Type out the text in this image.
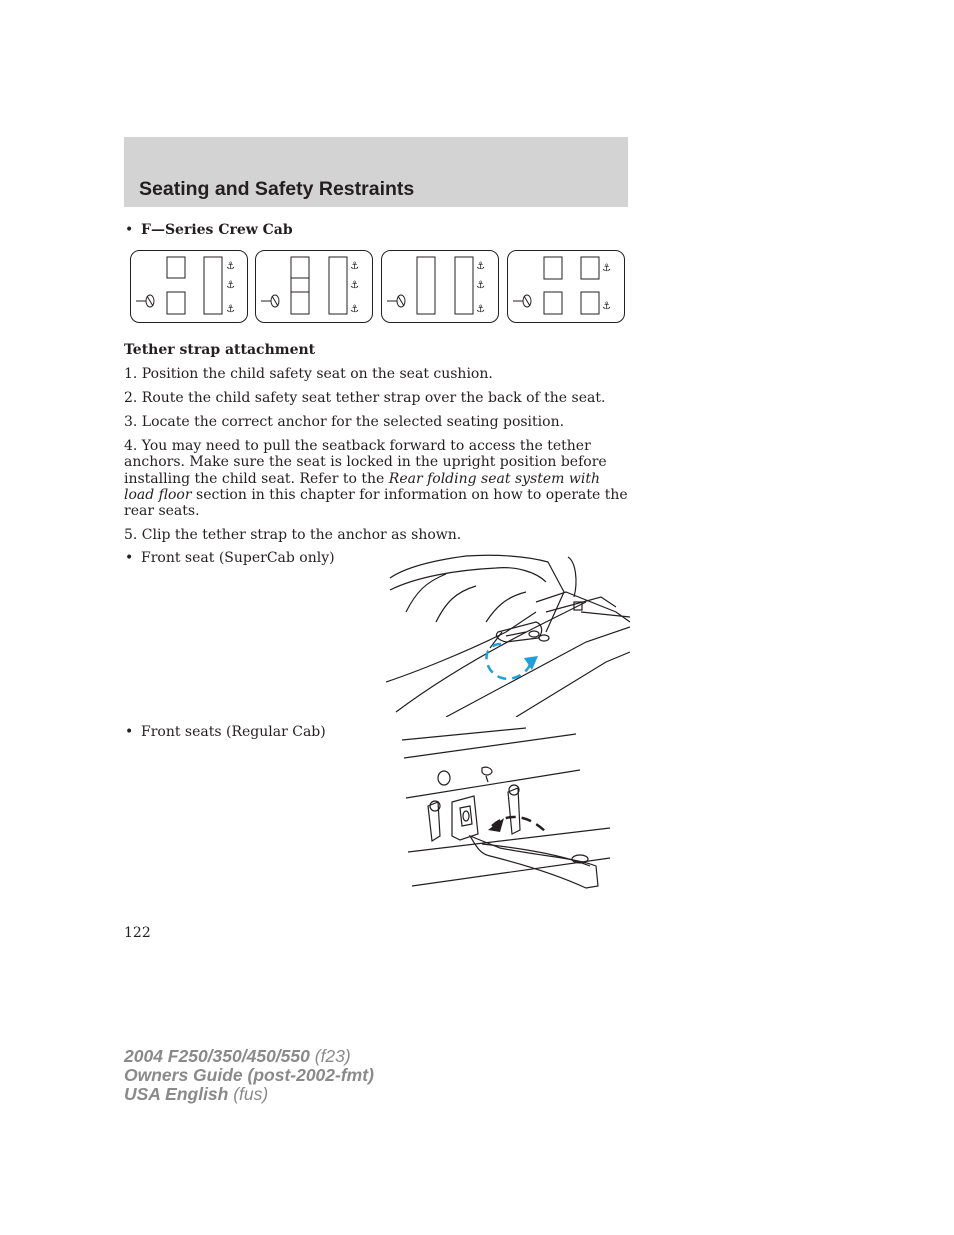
Seating and Safety Restraints
• F—Series Crew Cab
⚓
⚓
⚓
⚓
⚓
⚓
⚓
⚓
⚓
⚓
⚓
Tether strap attachment
1. Position the child safety seat on the seat cushion.
2. Route the child safety seat tether strap over the back of the seat.
3. Locate the correct anchor for the selected seating position.
4. You may need to pull the seatback forward to access the tether anchors. Make sure the seat is locked in the upright position before installing the child seat. Refer to the Rear folding seat system with load floor section in this chapter for information on how to operate the rear seats.
5. Clip the tether strap to the anchor as shown.
• Front seat (SuperCab only)
• Front seats (Regular Cab)
122
2004 F250/350/450/550 (f23)
Owners Guide (post-2002-fmt)
USA English (fus)
